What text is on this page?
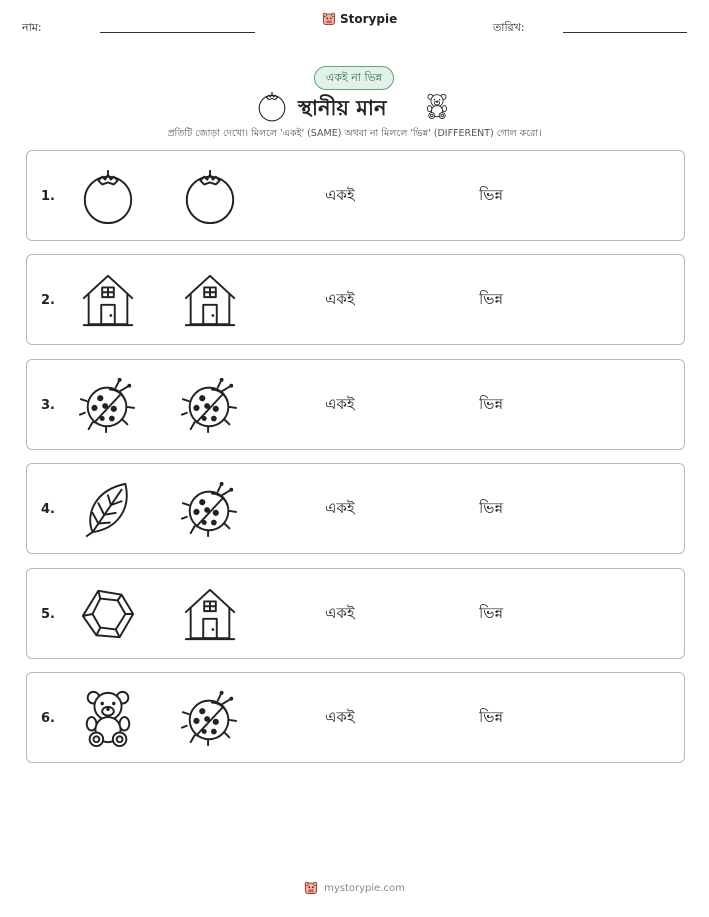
নাম:
Storypie
তারিখ:
একই না ভিন্ন
স্থানীয় মান
প্রতিটি জোড়া দেখো। মিললে 'একই' (SAME) অথবা না মিললে 'ভিন্ন' (DIFFERENT) গোল করো।
1.	একই	ভিন্ন
2.	একই	ভিন্ন
3.	একই	ভিন্ন
4.	একই	ভিন্ন
5.	একই	ভিন্ন
6.	একই	ভিন্ন
mystorypie.com
